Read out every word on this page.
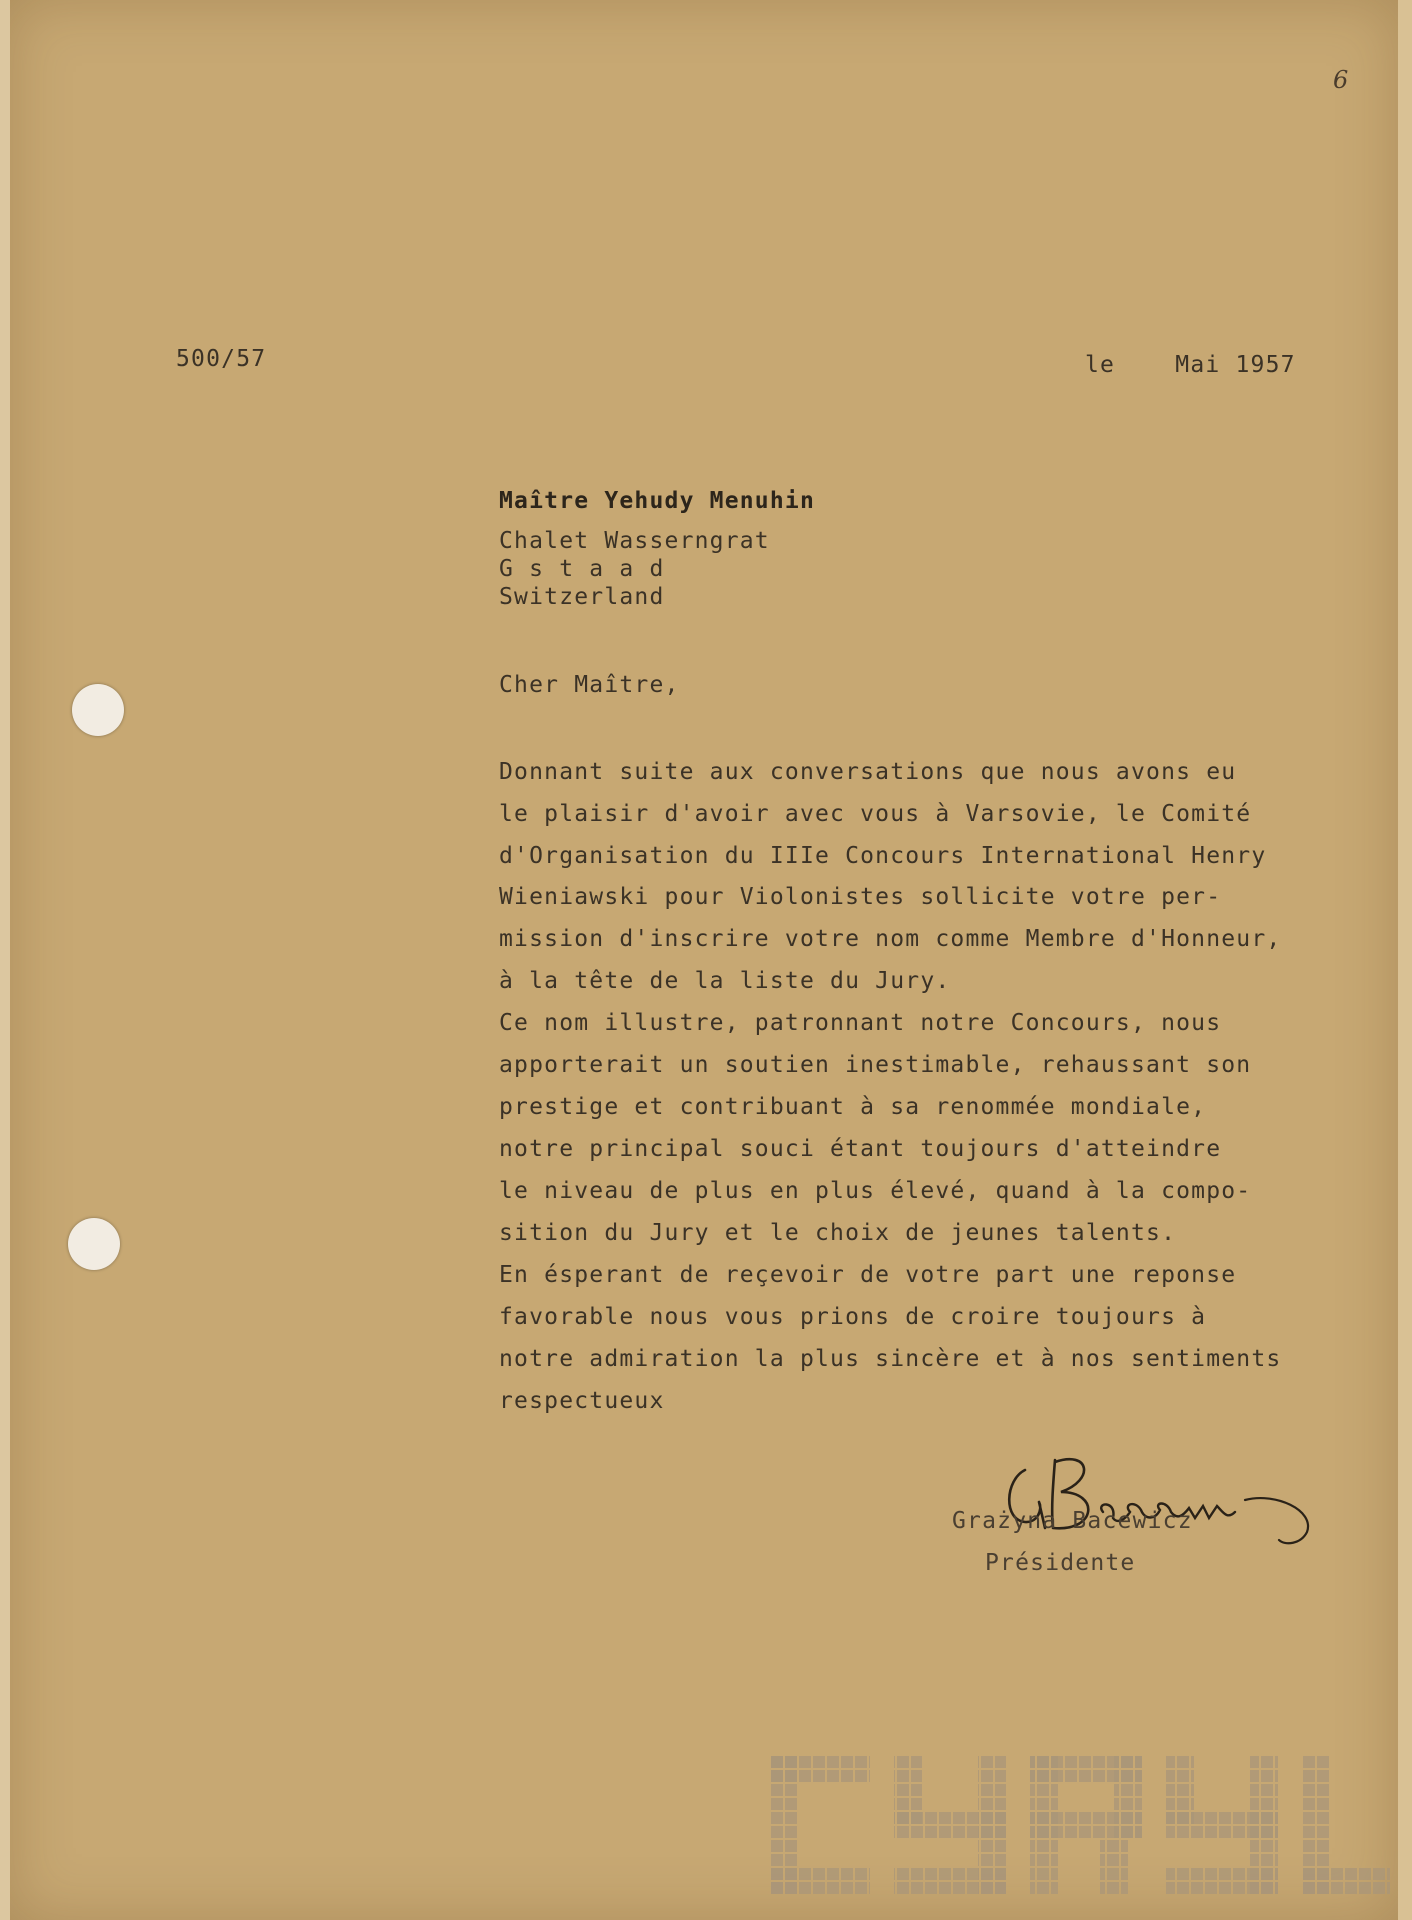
6
500/57	le    Mai 1957
Maître Yehudy Menuhin
Chalet Wasserngrat
G s t a a d
Switzerland
Cher Maître,
Donnant suite aux conversations que nous avons eu
le plaisir d'avoir avec vous à Varsovie, le Comité
d'Organisation du IIIe Concours International Henry
Wieniawski pour Violonistes sollicite votre per-
mission d'inscrire votre nom comme Membre d'Honneur,
à la tête de la liste du Jury.
Ce nom illustre, patronnant notre Concours, nous
apporterait un soutien inestimable, rehaussant son
prestige et contribuant à sa renommée mondiale,
notre principal souci étant toujours d'atteindre
le niveau de plus en plus élevé, quand à la compo-
sition du Jury et le choix de jeunes talents.
En ésperant de reçevoir de votre part une reponse
favorable nous vous prions de croire toujours à
notre admiration la plus sincère et à nos sentiments
respectueux
Grażyna Bacewicz
Présidente
